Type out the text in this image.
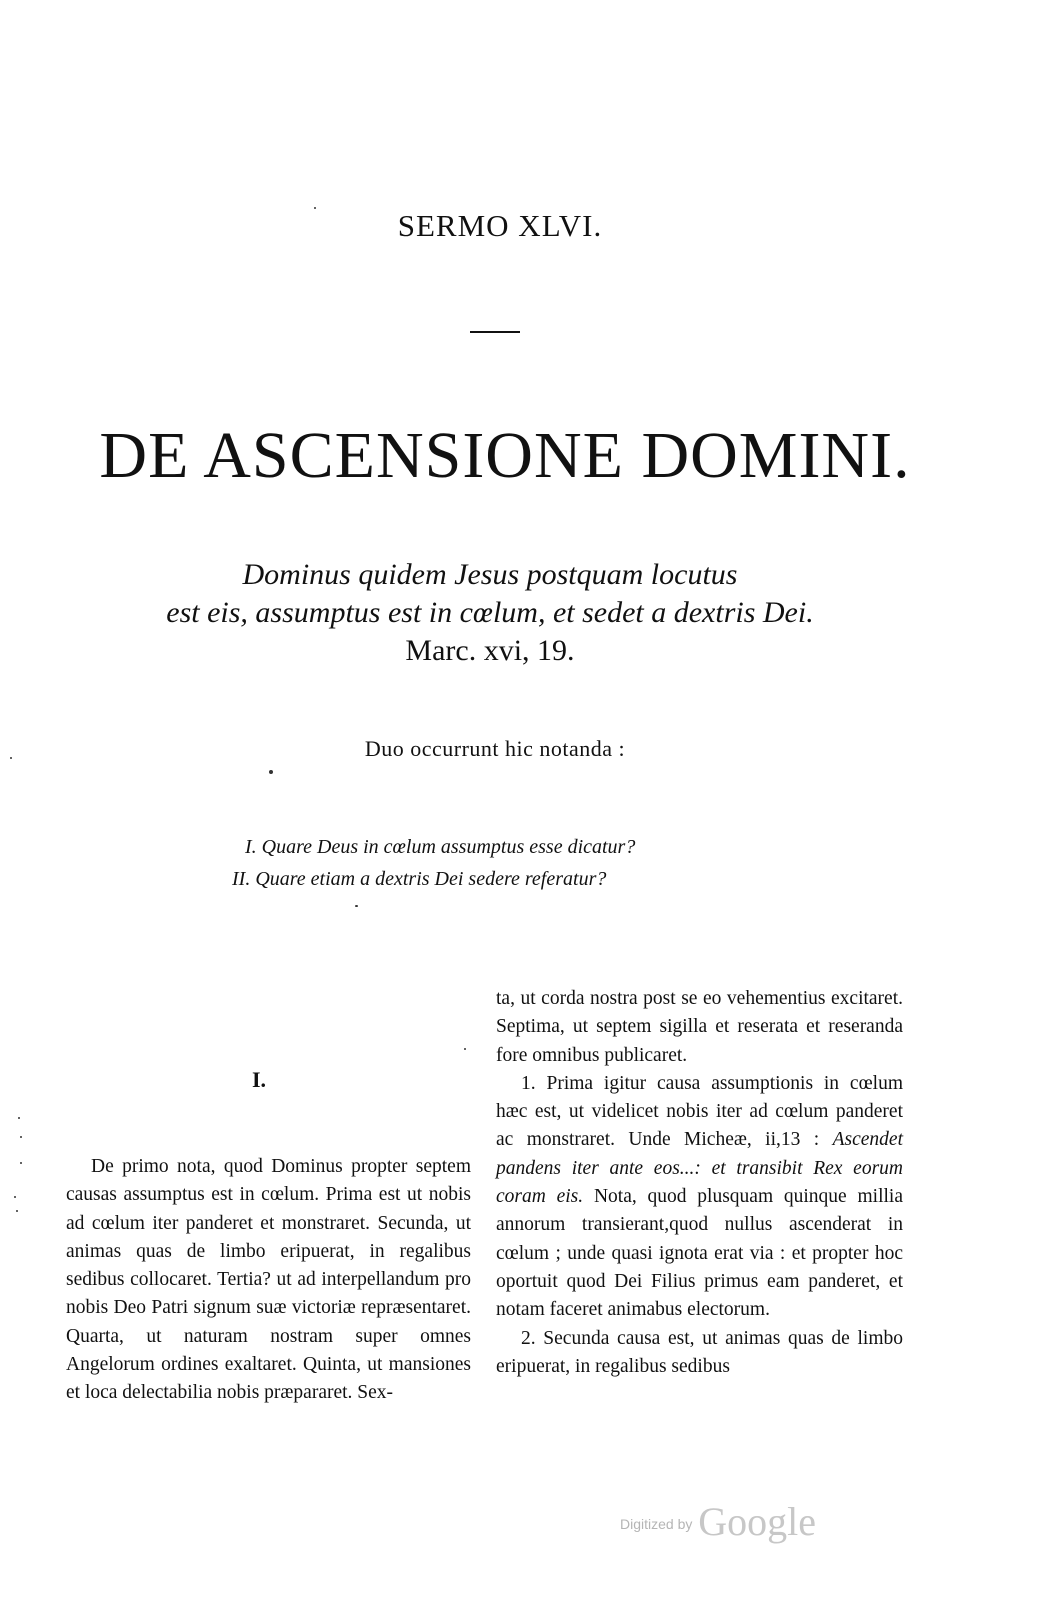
SERMO XLVI.
DE ASCENSIONE DOMINI.
Dominus quidem Jesus postquam locutus
est eis, assumptus est in cœlum, et sedet a dextris Dei.
Marc. xvi, 19.
Duo occurrunt hic notanda :
I. Quare Deus in cœlum assumptus esse dicatur?
II. Quare etiam a dextris Dei sedere referatur?
I.

De primo nota, quod Dominus propter septem causas assumptus est in cœlum. Prima est ut nobis ad cœlum iter panderet et monstraret. Secunda, ut animas quas de limbo eripuerat, in regalibus sedibus collocaret. Tertia? ut ad interpellandum pro nobis Deo Patri signum suæ victoriæ repræsentaret. Quarta, ut naturam nostram super omnes Angelorum ordines exaltaret. Quinta, ut mansiones et loca delectabilia nobis præpararet. Sex-

ta, ut corda nostra post se eo vehementius excitaret. Septima, ut septem sigilla et reserata et reseranda fore omnibus publicaret.

1. Prima igitur causa assumptionis in cœlum hæc est, ut videlicet nobis iter ad cœlum panderet ac monstraret. Unde Micheæ, ii,13 : Ascendet pandens iter ante eos...: et transibit Rex eorum coram eis. Nota, quod plusquam quinque millia annorum transierant,quod nullus ascenderat in cœlum ; unde quasi ignota erat via : et propter hoc oportuit quod Dei Filius primus eam panderet, et notam faceret animabus electorum.

2. Secunda causa est, ut animas quas de limbo eripuerat, in regalibus sedibus

Digitized by Google
